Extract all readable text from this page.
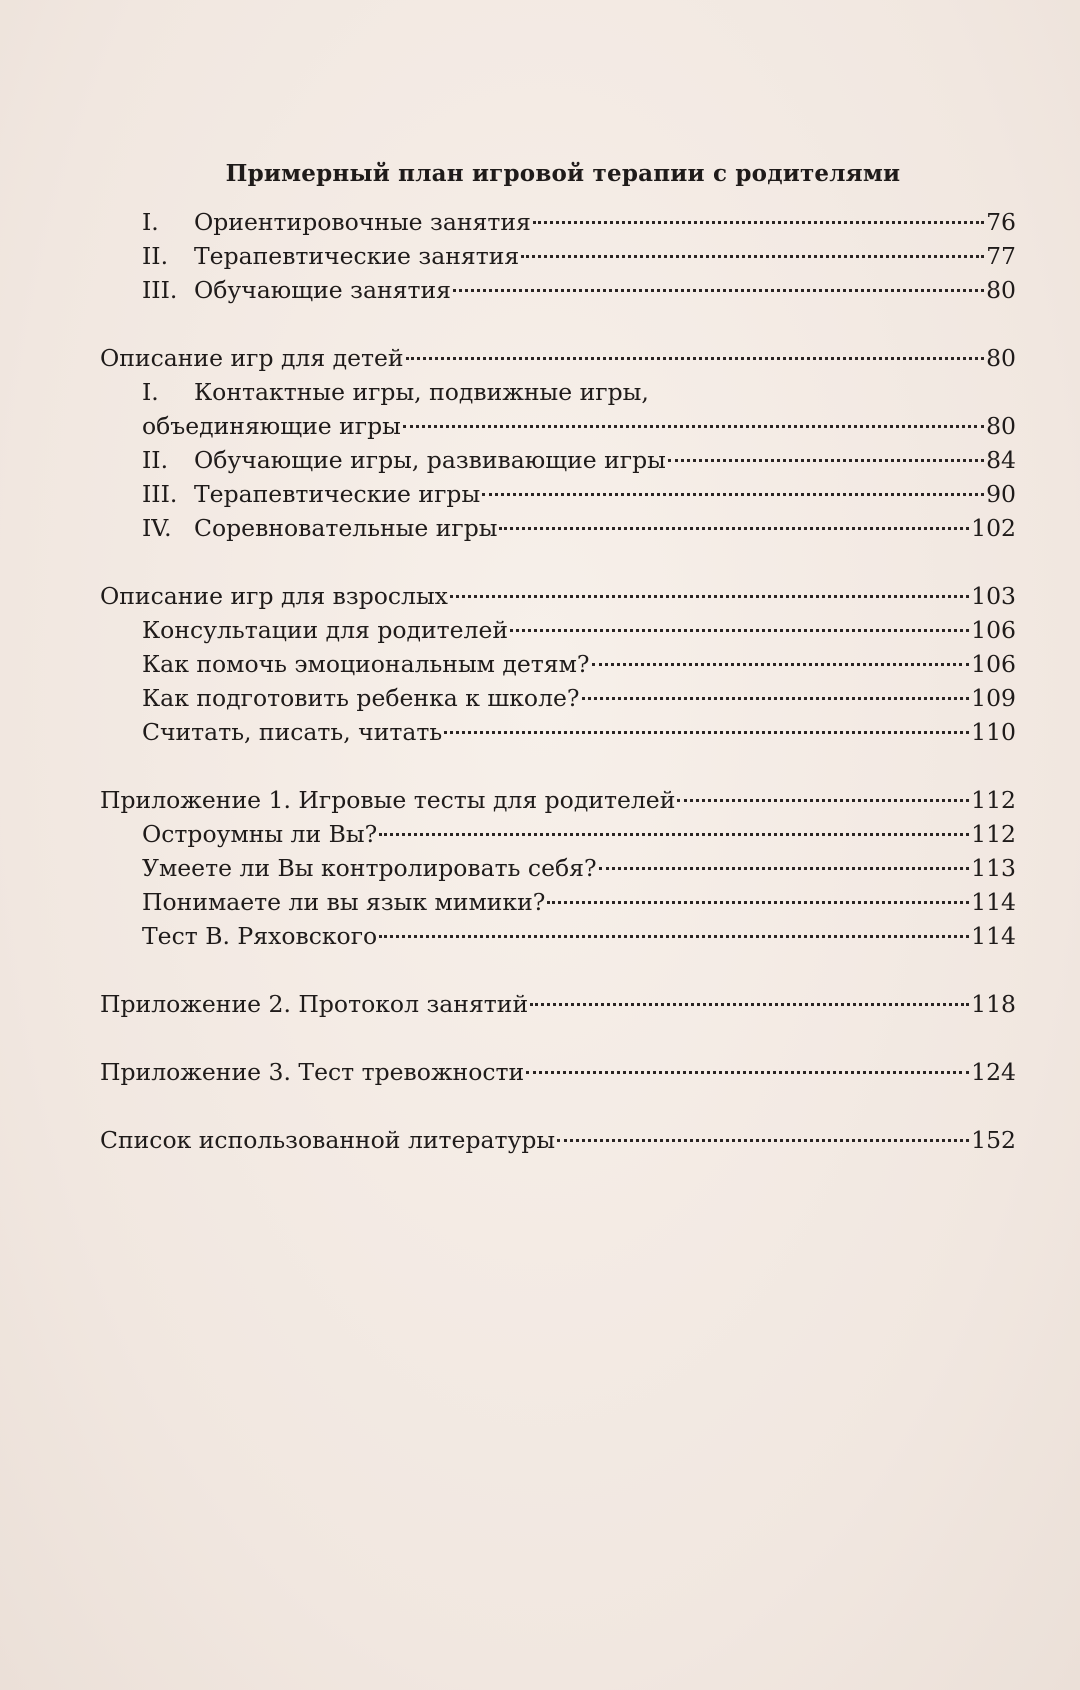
Примерный план игровой терапии с родителями
I.	Ориентировочные занятия	76
II.	Терапевтические занятия	77
III. Обучающие занятия	80
Описание игр для детей	80
I. Контактные игры, подвижные игры,
объединяющие игры	80
II.	Обучающие игры, развивающие игры	84
III. Терапевтические игры	90
IV. Соревновательные игры	102
Описание игр для взрослых	103
Консультации для родителей	106
Как помочь эмоциональным детям?	106
Как подготовить ребенка к школе?	109
Считать, писать, читать	110
Приложение 1. Игровые тесты для родителей	112
Остроумны ли Вы?	112
Умеете ли Вы контролировать себя?	113
Понимаете ли вы язык мимики?	114
Тест В. Ряховского	114
Приложение 2. Протокол занятий	118
Приложение 3. Тест тревожности	124
Список использованной литературы	152
